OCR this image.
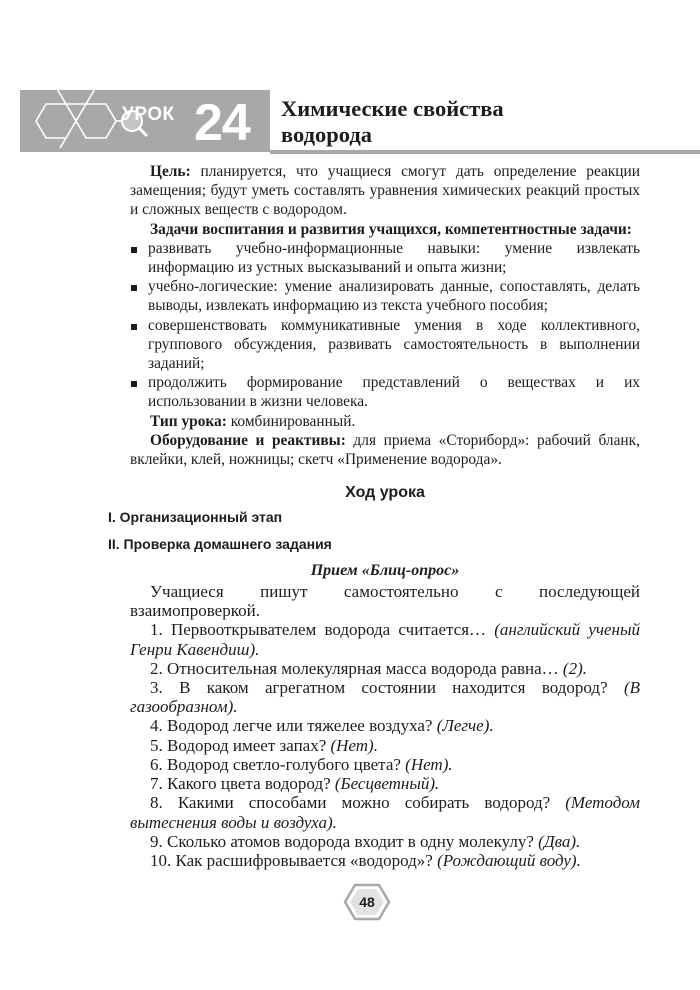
УРОК 24 Химические свойства
водорода

Цель: планируется, что учащиеся смогут дать определение реакции замещения; будут уметь составлять уравнения химических реакций простых и сложных веществ с водородом.

Задачи воспитания и развития учащихся, компетентностные задачи:

развивать учебно-информационные навыки: умение извлекать информацию из устных высказываний и опыта жизни;
учебно-логические: умение анализировать данные, сопоставлять, делать выводы, извлекать информацию из текста учебного пособия;
совершенствовать коммуникативные умения в ходе коллективного, группового обсуждения, развивать самостоятельность в выполнении заданий;
продолжить формирование представлений о веществах и их использовании в жизни человека.

Тип урока: комбинированный.

Оборудование и реактивы: для приема «Сториборд»: рабочий бланк, вклейки, клей, ножницы; скетч «Применение водорода».

Ход урока
I. Организационный этап
II. Проверка домашнего задания
Прием «Блиц-опрос»

Учащиеся пишут самостоятельно с последующей взаимопроверкой.

1. Первооткрывателем водорода считается… (английский ученый Генри Кавендиш).

2. Относительная молекулярная масса водорода равна… (2).

3. В каком агрегатном состоянии находится водород? (В газообразном).

4. Водород легче или тяжелее воздуха? (Легче).

5. Водород имеет запах? (Нет).

6. Водород светло-голубого цвета? (Нет).

7. Какого цвета водород? (Бесцветный).

8. Какими способами можно собирать водород? (Методом вытеснения воды и воздуха).

9. Сколько атомов водорода входит в одну молекулу? (Два).

10. Как расшифровывается «водород»? (Рождающий воду).

48
